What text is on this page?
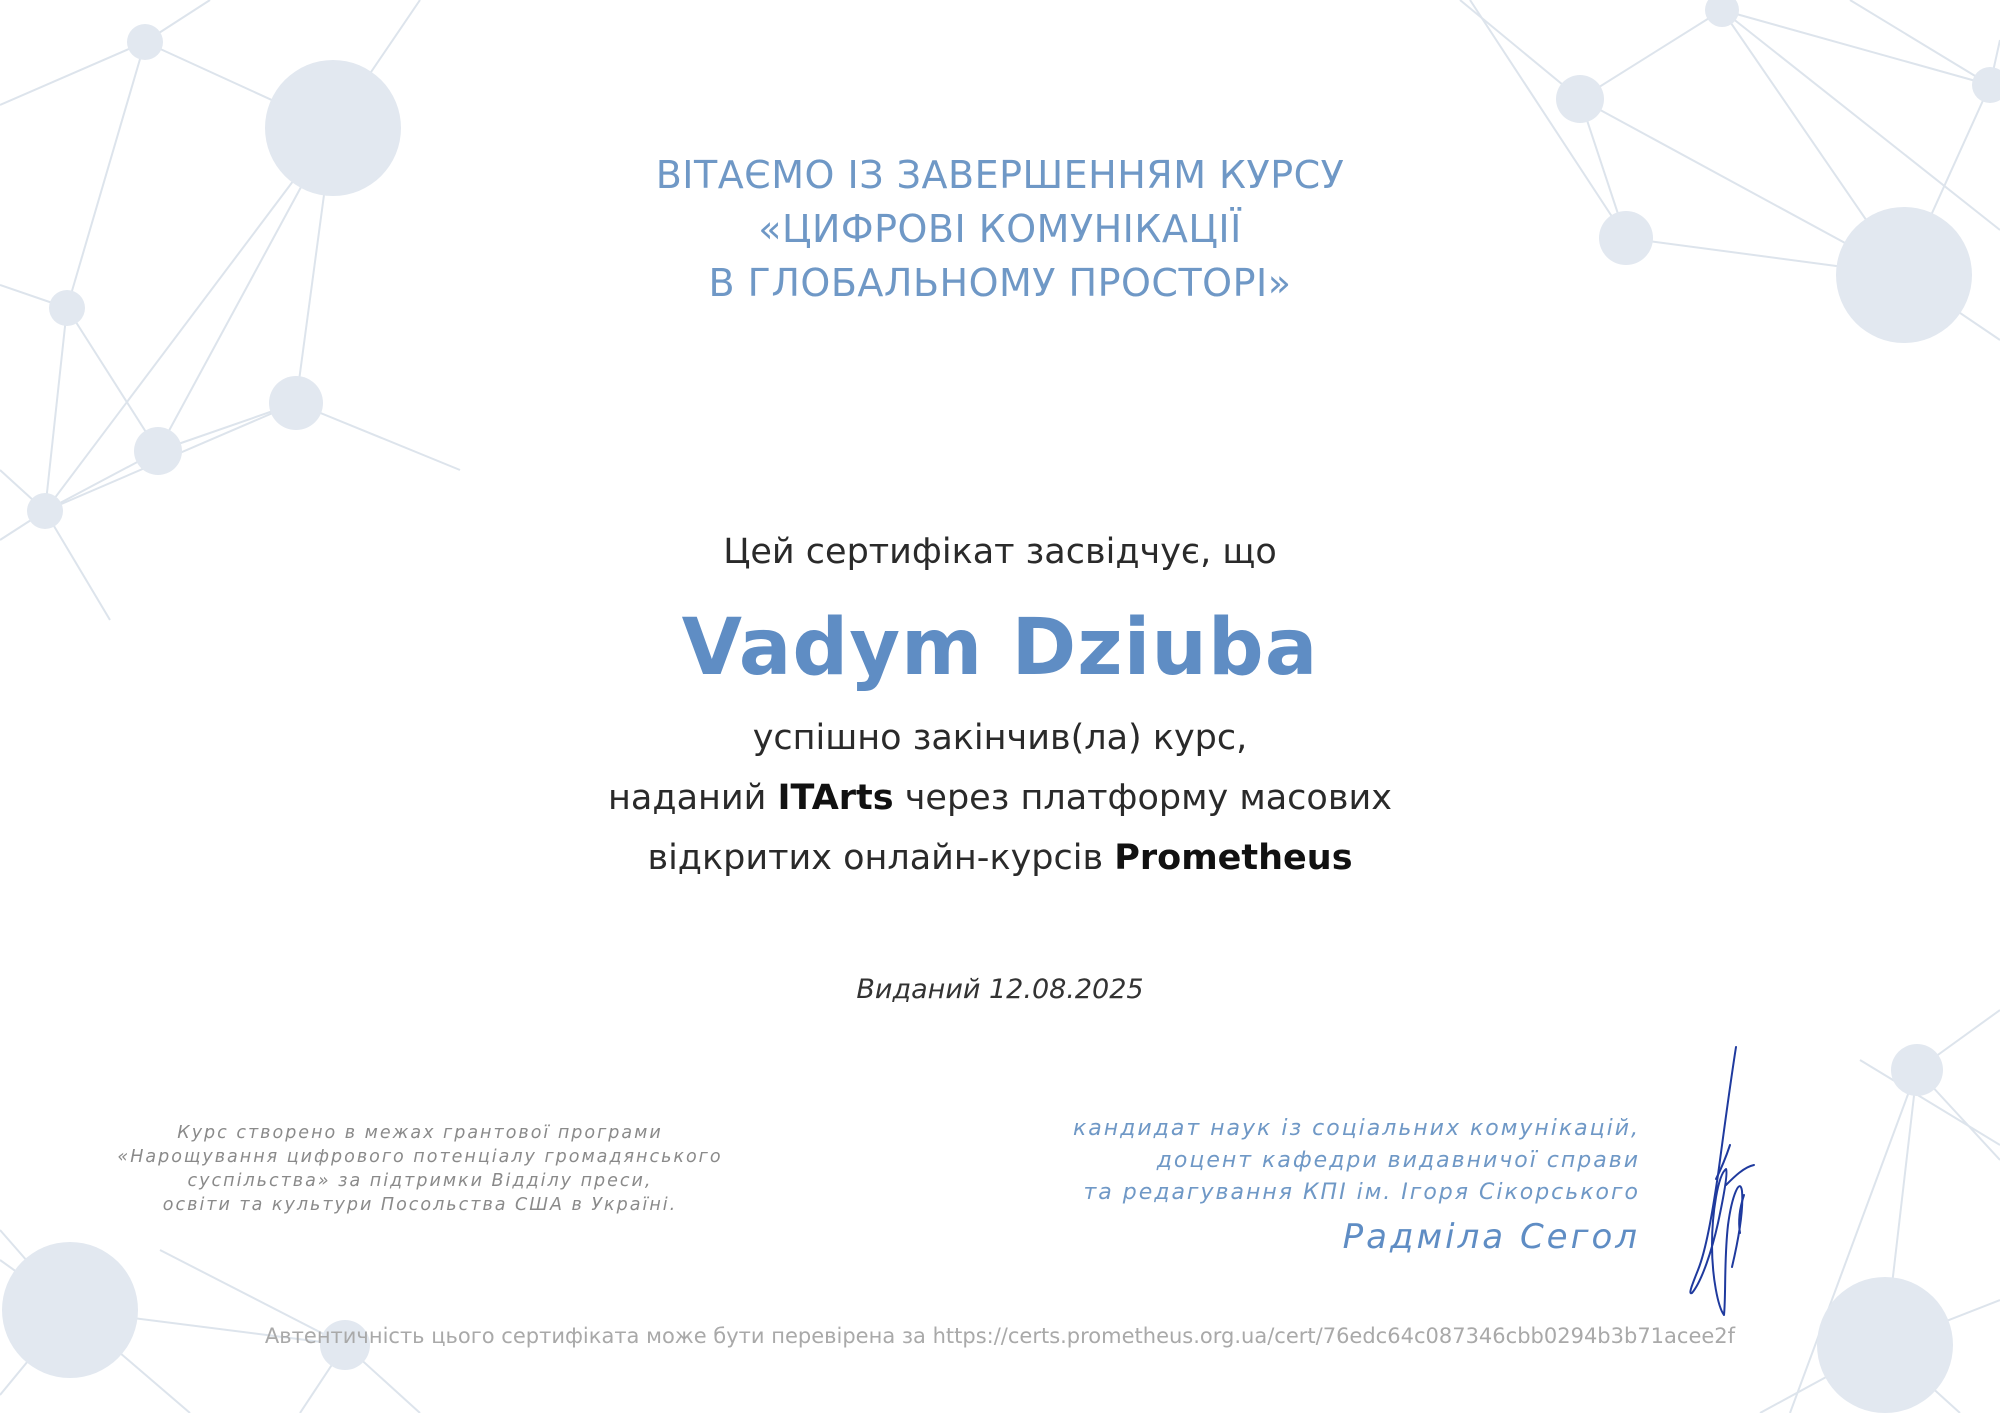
ВІТАЄМО ІЗ ЗАВЕРШЕННЯМ КУРСУ
«ЦИФРОВІ КОМУНІКАЦІЇ
В ГЛОБАЛЬНОМУ ПРОСТОРІ»
Цей сертифікат засвідчує, що
Vadym Dziuba
успішно закінчив(ла) курс,
наданий ITArts через платформу масових
відкритих онлайн-курсів Prometheus
Виданий 12.08.2025
Курс створено в межах грантової програми
«Нарощування цифрового потенціалу громадянського
суспільства» за підтримки Відділу преси,
освіти та культури Посольства США в Україні.
кандидат наук із соціальних комунікацій,
доцент кафедри видавничої справи
та редагування КПІ ім. Ігоря Сікорського
Радміла Сегол
Автентичність цього сертифіката може бути перевірена за https://certs.prometheus.org.ua/cert/76edc64c087346cbb0294b3b71acee2f
